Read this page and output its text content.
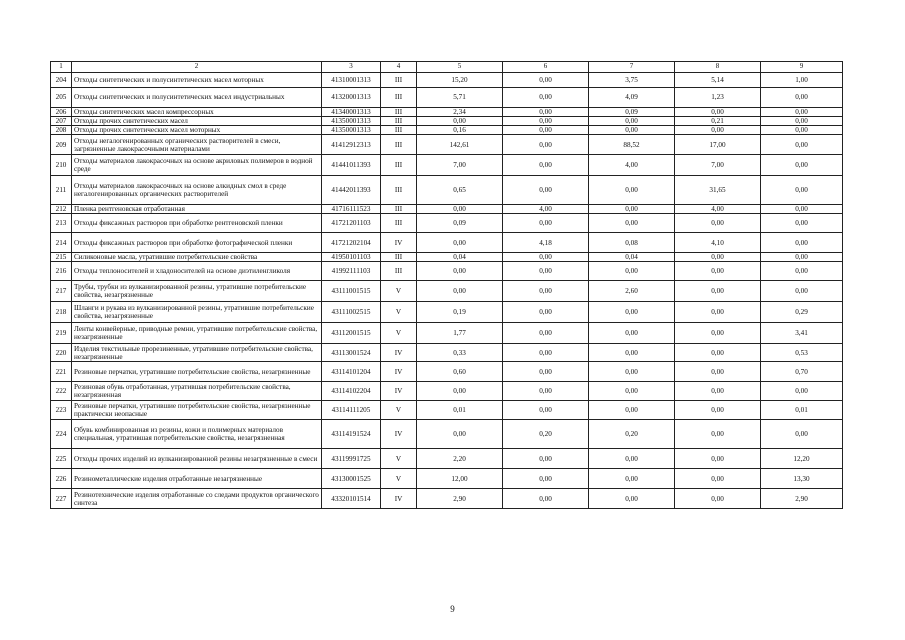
1	2	3	4	5	6	7	8	9
204	Отходы синтетических и полусинтетических масел моторных	41310001313	III	15,20	0,00	3,75	5,14	1,00
205	Отходы синтетических и полусинтетических масел индустриальных	41320001313	III	5,71	0,00	4,09	1,23	0,00
206	Отходы синтетических масел компрессорных	41340001313	III	2,34	0,00	0,09	0,00	0,00
207	Отходы прочих синтетических масел	41350001313	III	0,00	0,00	0,00	0,21	0,00
208	Отходы прочих синтетических масел моторных	41350001313	III	0,16	0,00	0,00	0,00	0,00
209	Отходы негалогенированных органических растворителей в смеси, загрязненные лакокрасочными материалами	41412912313	III	142,61	0,00	88,52	17,00	0,00
210	Отходы материалов лакокрасочных на основе акриловых полимеров в водной среде	41441011393	III	7,00	0,00	4,00	7,00	0,00
211	Отходы материалов лакокрасочных на основе алкидных смол в среде негалогенированных органических растворителей	41442011393	III	0,65	0,00	0,00	31,65	0,00
212	Пленка рентгеновская отработанная	41716111523	III	0,00	4,00	0,00	4,00	0,00
213	Отходы фиксажных растворов при обработке рентгеновской пленки	41721201103	III	0,09	0,00	0,00	0,00	0,00
214	Отходы фиксажных растворов при обработке фотографической пленки	41721202104	IV	0,00	4,18	0,08	4,10	0,00
215	Силиконовые масла, утратившие потребительские свойства	41950101103	III	0,04	0,00	0,04	0,00	0,00
216	Отходы теплоносителей и хладоносителей на основе диэтиленгликоля	41992111103	III	0,00	0,00	0,00	0,00	0,00
217	Трубы, трубки из вулканизированной резины, утратившие потребительские свойства, незагрязненные	43111001515	V	0,00	0,00	2,60	0,00	0,00
218	Шланги и рукава из вулканизированной резины, утратившие потребительские свойства, незагрязненные	43111002515	V	0,19	0,00	0,00	0,00	0,29
219	Ленты конвейерные, приводные ремни, утратившие потребительские свойства, незагрязненные	43112001515	V	1,77	0,00	0,00	0,00	3,41
220	Изделия текстильные прорезиненные, утратившие потребительские свойства, незагрязненные	43113001524	IV	0,33	0,00	0,00	0,00	0,53
221	Резиновые перчатки, утратившие потребительские свойства, незагрязненные	43114101204	IV	0,60	0,00	0,00	0,00	0,70
222	Резиновая обувь отработанная, утратившая потребительские свойства, незагрязненная	43114102204	IV	0,00	0,00	0,00	0,00	0,00
223	Резиновые перчатки, утратившие потребительские свойства, незагрязненные практически неопасные	43114111205	V	0,01	0,00	0,00	0,00	0,01
224	Обувь комбинированная из резины, кожи и полимерных материалов специальная, утратившая потребительские свойства, незагрязненная	43114191524	IV	0,00	0,20	0,20	0,00	0,00
225	Отходы прочих изделий из вулканизированной резины незагрязненные в смеси	43119991725	V	2,20	0,00	0,00	0,00	12,20
226	Резинометаллические изделия отработанные незагрязненные	43130001525	V	12,00	0,00	0,00	0,00	13,30
227	Резинотехнические изделия отработанные со следами продуктов органического синтеза	43320101514	IV	2,90	0,00	0,00	0,00	2,90
9
